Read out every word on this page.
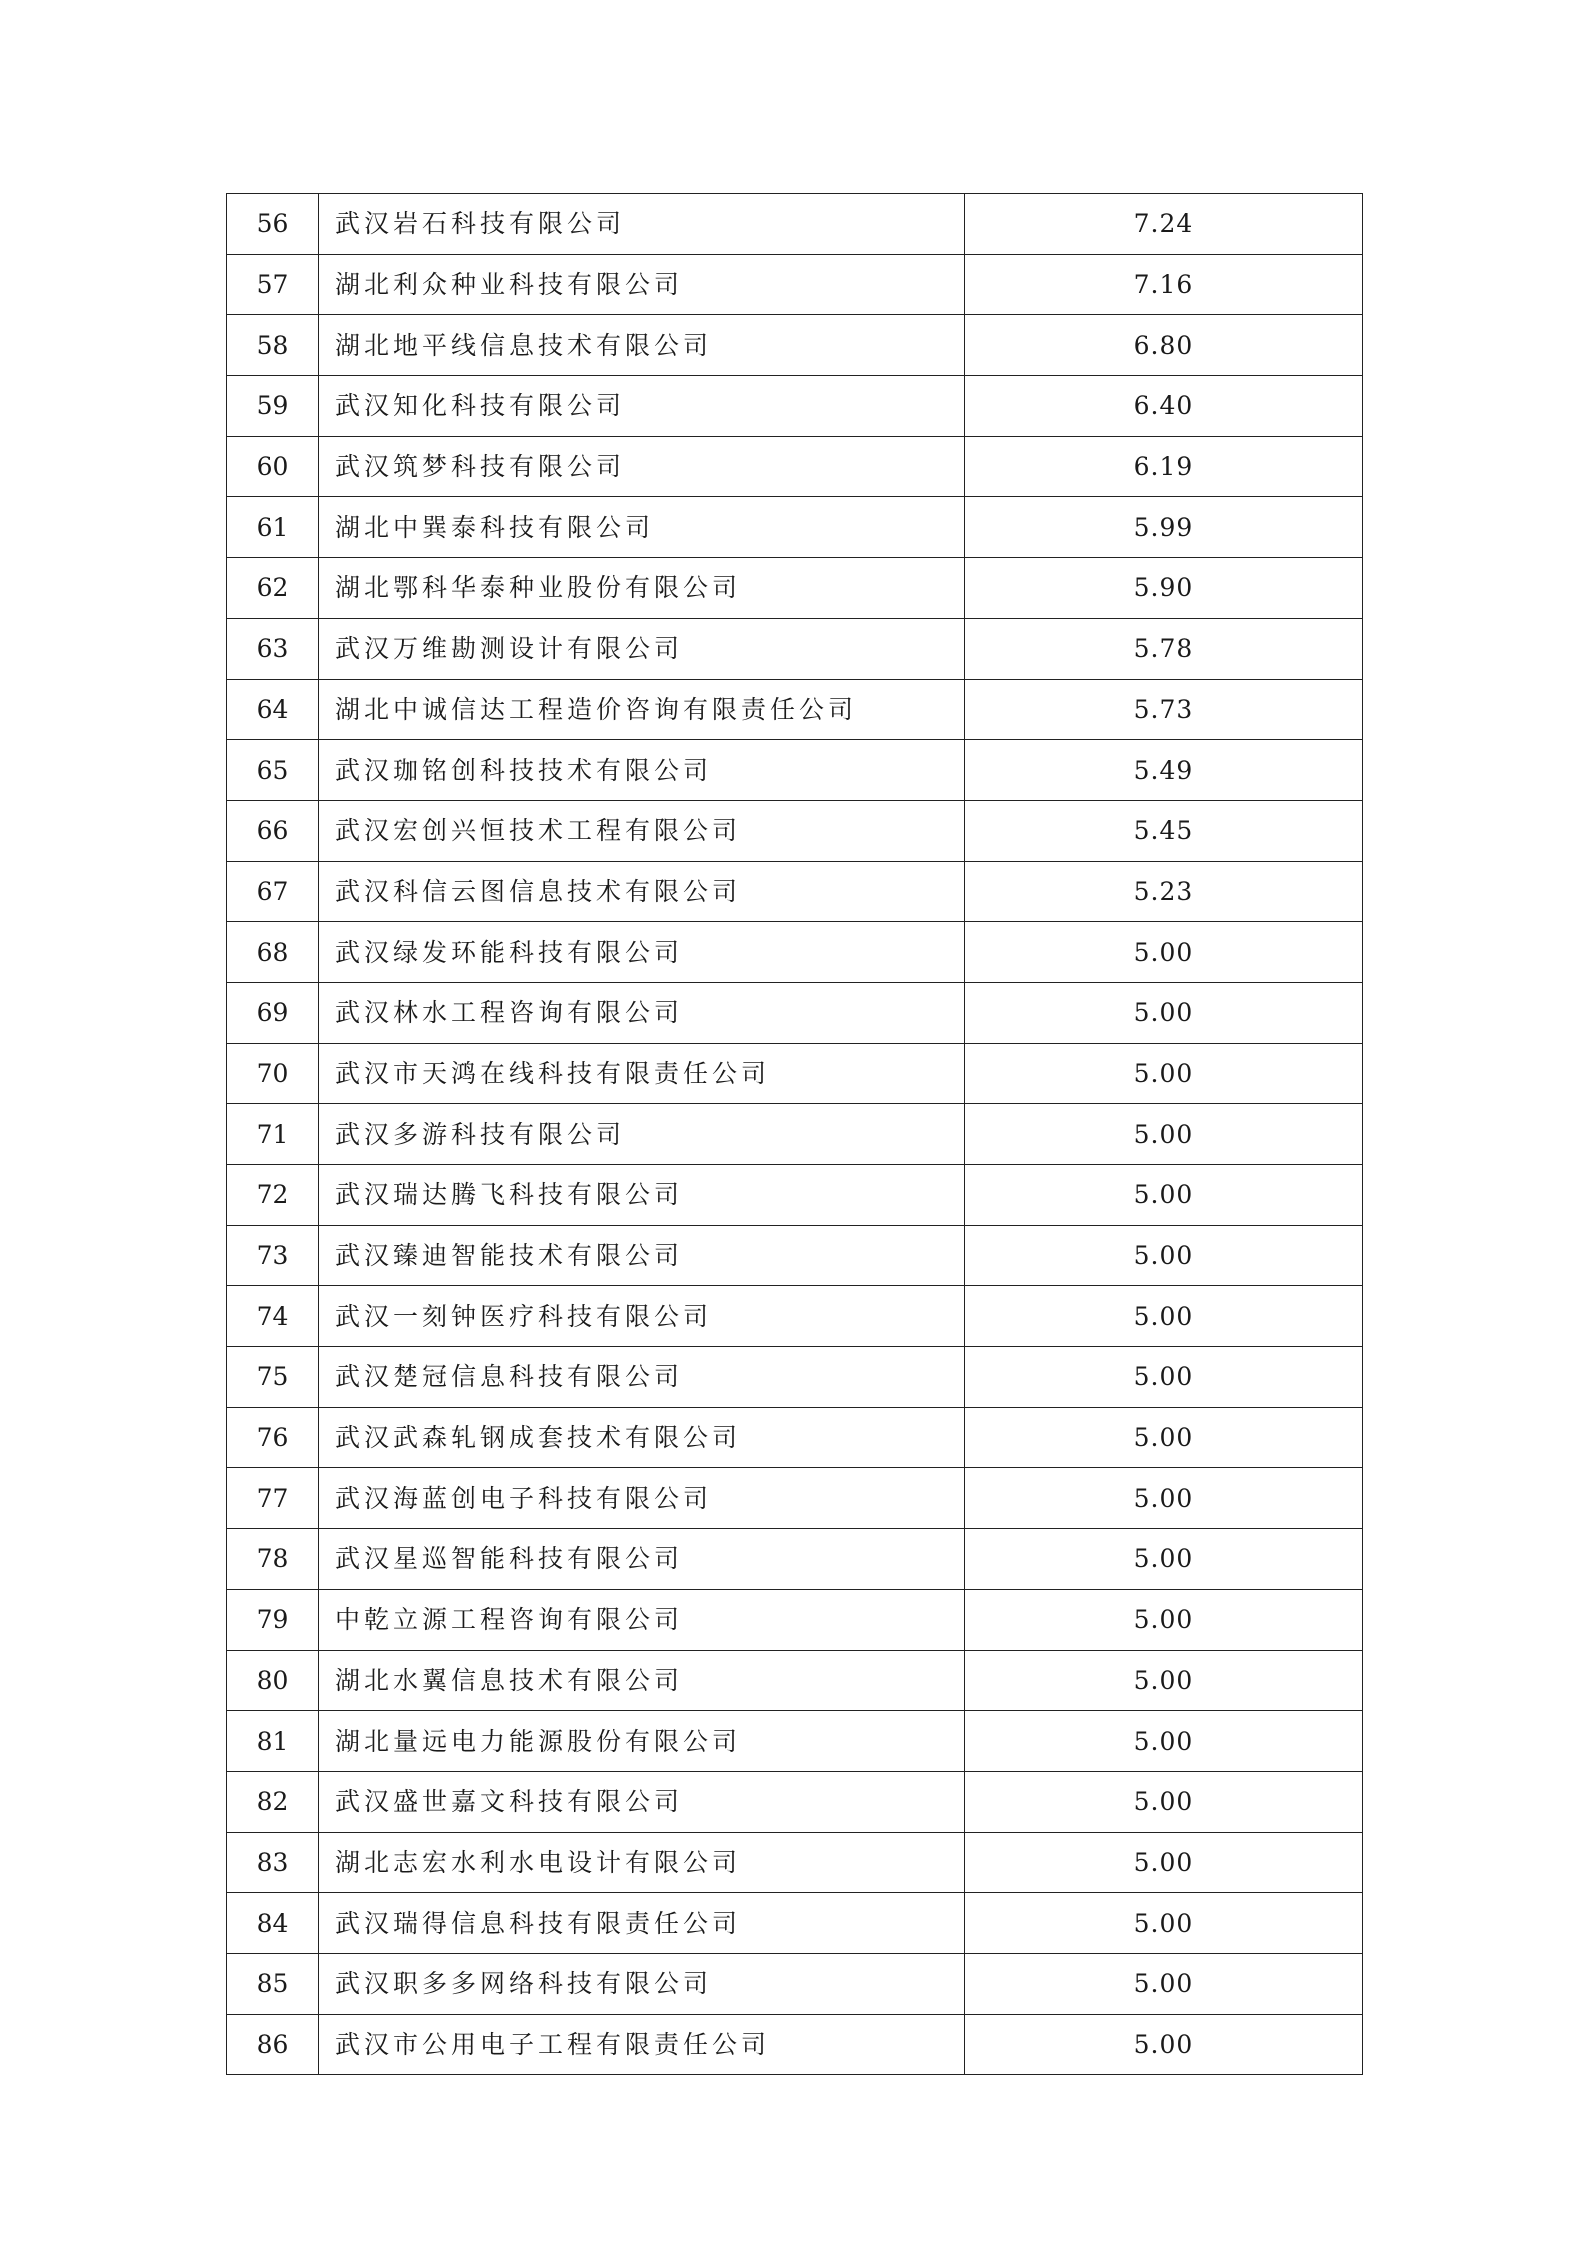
56	武汉岩石科技有限公司	7.24
57	湖北利众种业科技有限公司	7.16
58	湖北地平线信息技术有限公司	6.80
59	武汉知化科技有限公司	6.40
60	武汉筑梦科技有限公司	6.19
61	湖北中巽泰科技有限公司	5.99
62	湖北鄂科华泰种业股份有限公司	5.90
63	武汉万维勘测设计有限公司	5.78
64	湖北中诚信达工程造价咨询有限责任公司	5.73
65	武汉珈铭创科技技术有限公司	5.49
66	武汉宏创兴恒技术工程有限公司	5.45
67	武汉科信云图信息技术有限公司	5.23
68	武汉绿发环能科技有限公司	5.00
69	武汉林水工程咨询有限公司	5.00
70	武汉市天鸿在线科技有限责任公司	5.00
71	武汉多游科技有限公司	5.00
72	武汉瑞达腾飞科技有限公司	5.00
73	武汉臻迪智能技术有限公司	5.00
74	武汉一刻钟医疗科技有限公司	5.00
75	武汉楚冠信息科技有限公司	5.00
76	武汉武森轧钢成套技术有限公司	5.00
77	武汉海蓝创电子科技有限公司	5.00
78	武汉星巡智能科技有限公司	5.00
79	中乾立源工程咨询有限公司	5.00
80	湖北水翼信息技术有限公司	5.00
81	湖北量远电力能源股份有限公司	5.00
82	武汉盛世嘉文科技有限公司	5.00
83	湖北志宏水利水电设计有限公司	5.00
84	武汉瑞得信息科技有限责任公司	5.00
85	武汉职多多网络科技有限公司	5.00
86	武汉市公用电子工程有限责任公司	5.00
